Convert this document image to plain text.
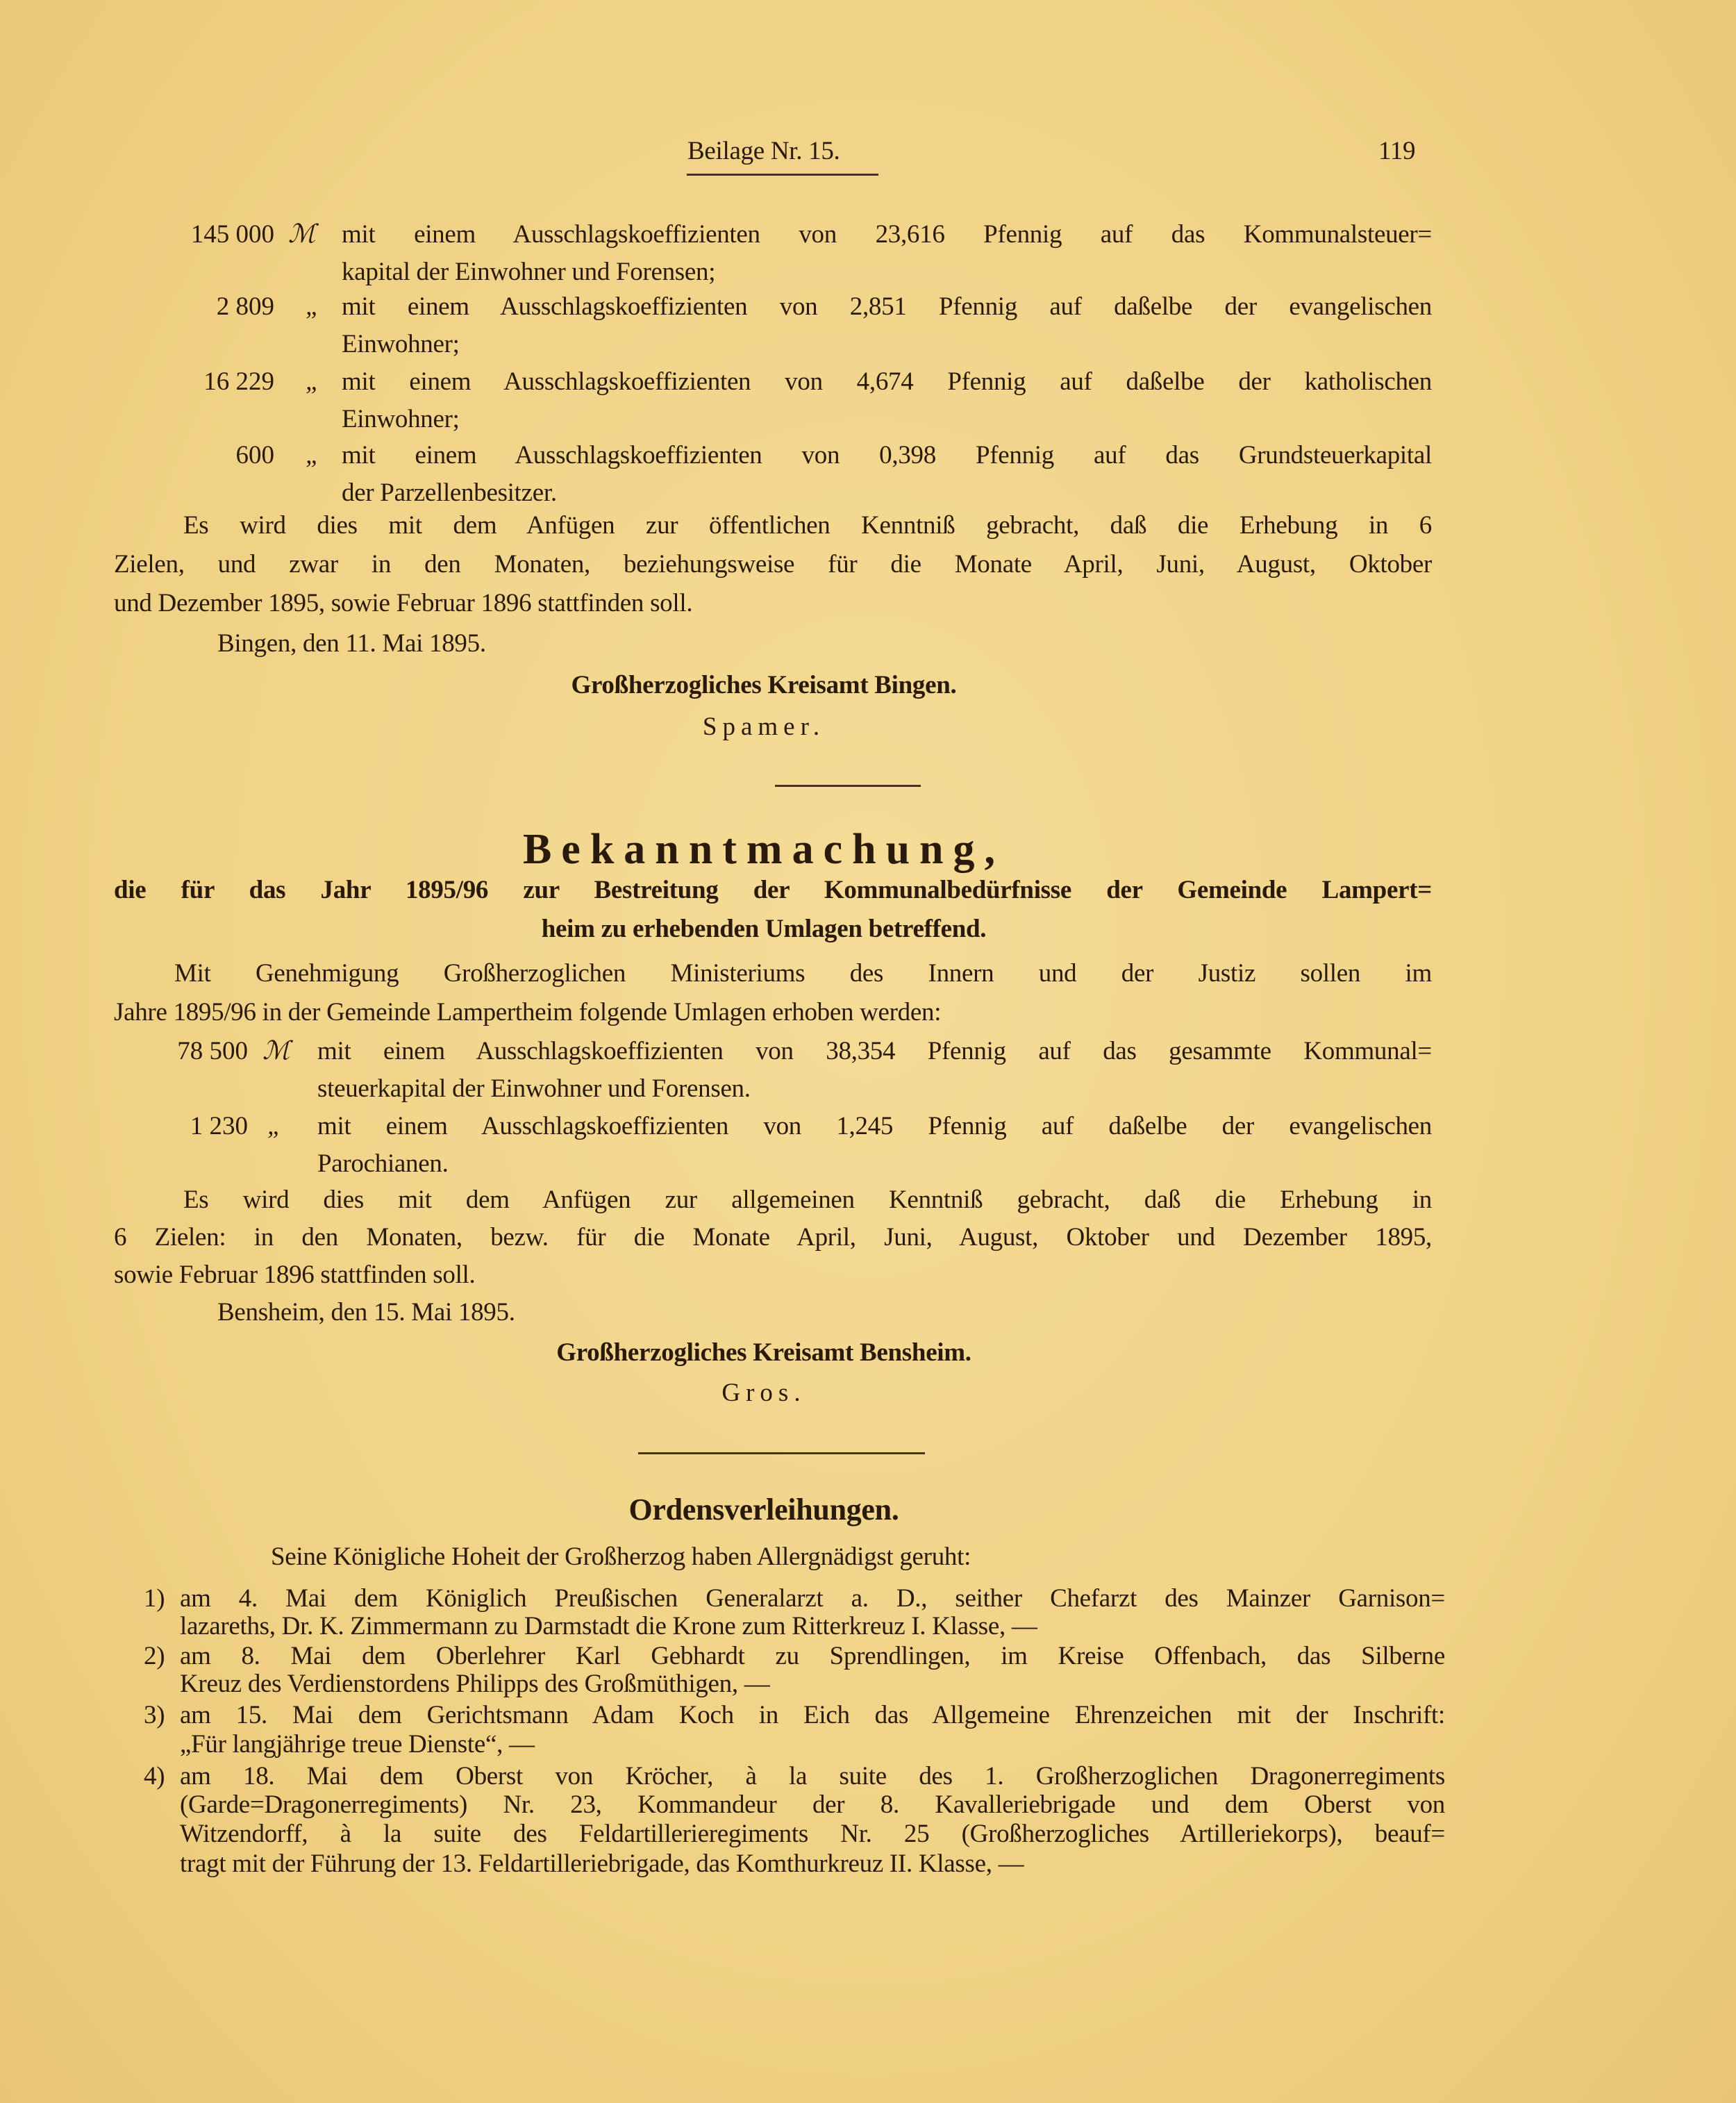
Beilage Nr. 15.	119
145 000 ℳ mit einem Ausschlagskoeffizienten von 23,616 Pfennig auf das Kommunalsteuer=
kapital der Einwohner und Forensen;
2 809 „ mit einem Ausschlagskoeffizienten von 2,851 Pfennig auf daßelbe der evangelischen
Einwohner;
16 229 „ mit einem Ausschlagskoeffizienten von 4,674 Pfennig auf daßelbe der katholischen
Einwohner;
600 „ mit einem Ausschlagskoeffizienten von 0,398 Pfennig auf das Grundsteuerkapital
der Parzellenbesitzer.
Es wird dies mit dem Anfügen zur öffentlichen Kenntniß gebracht, daß die Erhebung in 6
Zielen, und zwar in den Monaten, beziehungsweise für die Monate April, Juni, August, Oktober
und Dezember 1895, sowie Februar 1896 stattfinden soll.
Bingen, den 11. Mai 1895.
Großherzogliches Kreisamt Bingen.
Spamer.
Bekanntmachung,
die für das Jahr 1895/96 zur Bestreitung der Kommunalbedürfnisse der Gemeinde Lampert=
heim zu erhebenden Umlagen betreffend.
Mit Genehmigung Großherzoglichen Ministeriums des Innern und der Justiz sollen im
Jahre 1895/96 in der Gemeinde Lampertheim folgende Umlagen erhoben werden:
78 500 ℳ mit einem Ausschlagskoeffizienten von 38,354 Pfennig auf das gesammte Kommunal=
steuerkapital der Einwohner und Forensen.
1 230 „ mit einem Ausschlagskoeffizienten von 1,245 Pfennig auf daßelbe der evangelischen
Parochianen.
Es wird dies mit dem Anfügen zur allgemeinen Kenntniß gebracht, daß die Erhebung in
6 Zielen: in den Monaten, bezw. für die Monate April, Juni, August, Oktober und Dezember 1895,
sowie Februar 1896 stattfinden soll.
Bensheim, den 15. Mai 1895.
Großherzogliches Kreisamt Bensheim.
Gros.
Ordensverleihungen.
Seine Königliche Hoheit der Großherzog haben Allergnädigst geruht:
1) am 4. Mai dem Königlich Preußischen Generalarzt a. D., seither Chefarzt des Mainzer Garnison=
lazareths, Dr. K. Zimmermann zu Darmstadt die Krone zum Ritterkreuz I. Klasse, —
2) am 8. Mai dem Oberlehrer Karl Gebhardt zu Sprendlingen, im Kreise Offenbach, das Silberne
Kreuz des Verdienstordens Philipps des Großmüthigen, —
3) am 15. Mai dem Gerichtsmann Adam Koch in Eich das Allgemeine Ehrenzeichen mit der Inschrift:
„Für langjährige treue Dienste“, —
4) am 18. Mai dem Oberst von Kröcher, à la suite des 1. Großherzoglichen Dragonerregiments
(Garde=Dragonerregiments) Nr. 23, Kommandeur der 8. Kavalleriebrigade und dem Oberst von
Witzendorff, à la suite des Feldartillerieregiments Nr. 25 (Großherzogliches Artilleriekorps), beauf=
tragt mit der Führung der 13. Feldartilleriebrigade, das Komthurkreuz II. Klasse, —
